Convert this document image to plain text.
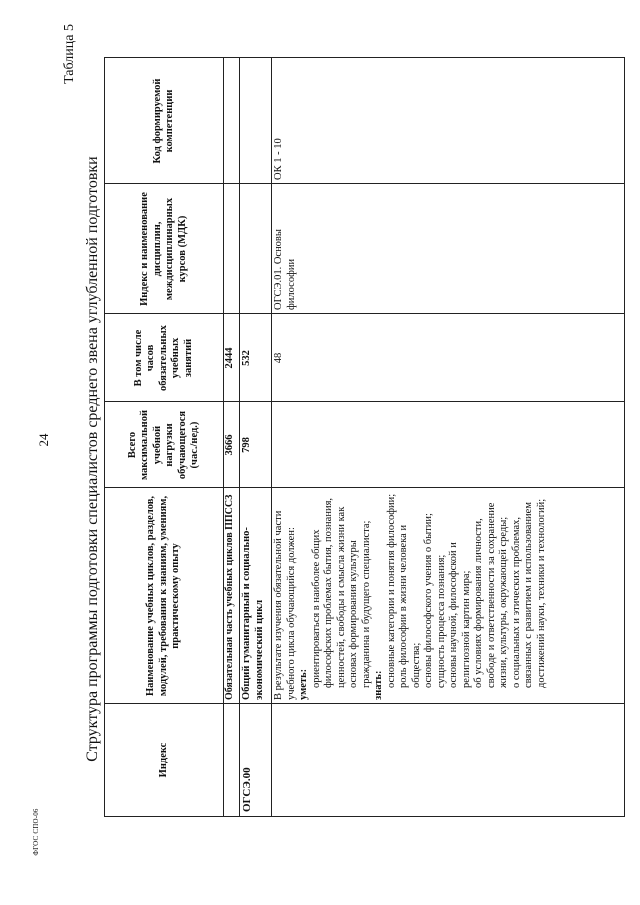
24
ФГОС СПО-06
Таблица 5
Структура программы подготовки специалистов среднего звена углубленной подготовки	Индекс
Наименование учебных циклов, разделов, модулей, требования к знаниям, умениям, практическому опыту
Всего максимальной учебной нагрузки обучающегося (час./нед.)
В том числе часов обязательных учебных занятий
Индекс и наименование дисциплин, междисциплинарных курсов (МДК)
Код формируемой компетенции
Обязательная часть учебных циклов ППССЗ
3666
2444
ОГСЭ.00
Общий гуманитарный и социально-экономический цикл
798
532
В результате изучения обязательной части учебного цикла обучающийся должен: уметь: ориентироваться в наиболее общих философских проблемах бытия, познания, ценностей, свободы и смысла жизни как основах формирования культуры гражданина и будущего специалиста; знать: основные категории и понятия философии; роль философии в жизни человека и общества; основы философского учения о бытии; сущность процесса познания; основы научной, философской и религиозной картин мира; об условиях формирования личности, свободе и ответственности за сохранение жизни, культуры, окружающей среды; о социальных и этических проблемах, связанных с развитием и использованием достижений науки, техники и технологий;
48
ОГСЭ.01. Основы философии
ОК 1 - 10
